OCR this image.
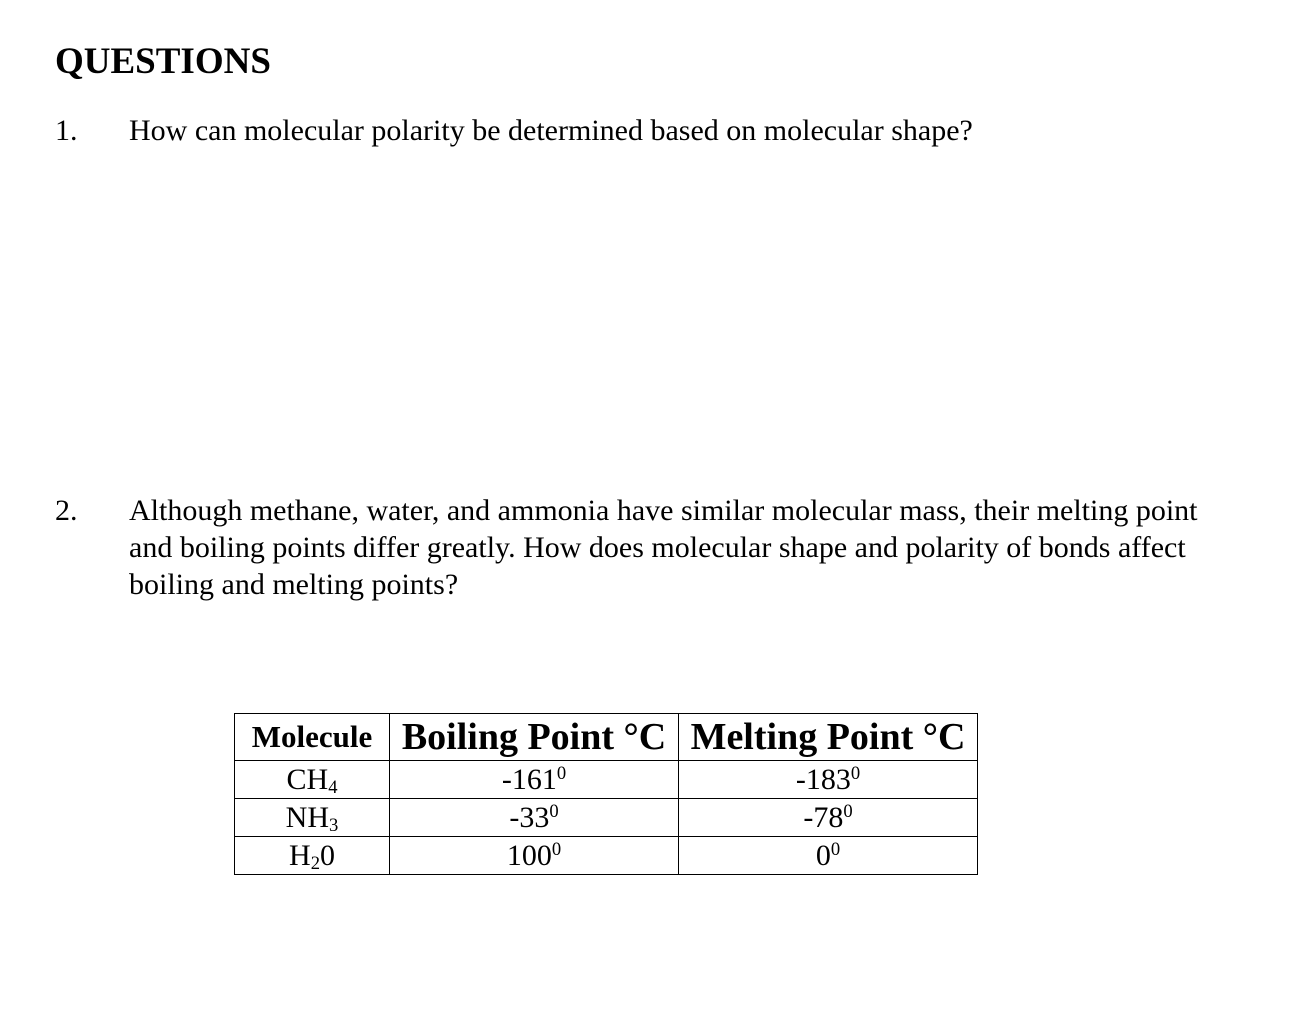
QUESTIONS
1. How can molecular polarity be determined based on molecular shape?
2. Although methane, water, and ammonia have similar molecular mass, their melting point and boiling points differ greatly. How does molecular shape and polarity of bonds affect boiling and melting points?
Molecule	Boiling Point °C	Melting Point °C
$CH_4$	$-161^0$	$-183^0$
$NH_3$	$-33^0$	$-78^0$
$H_20$	$100^0$	$0^0$
